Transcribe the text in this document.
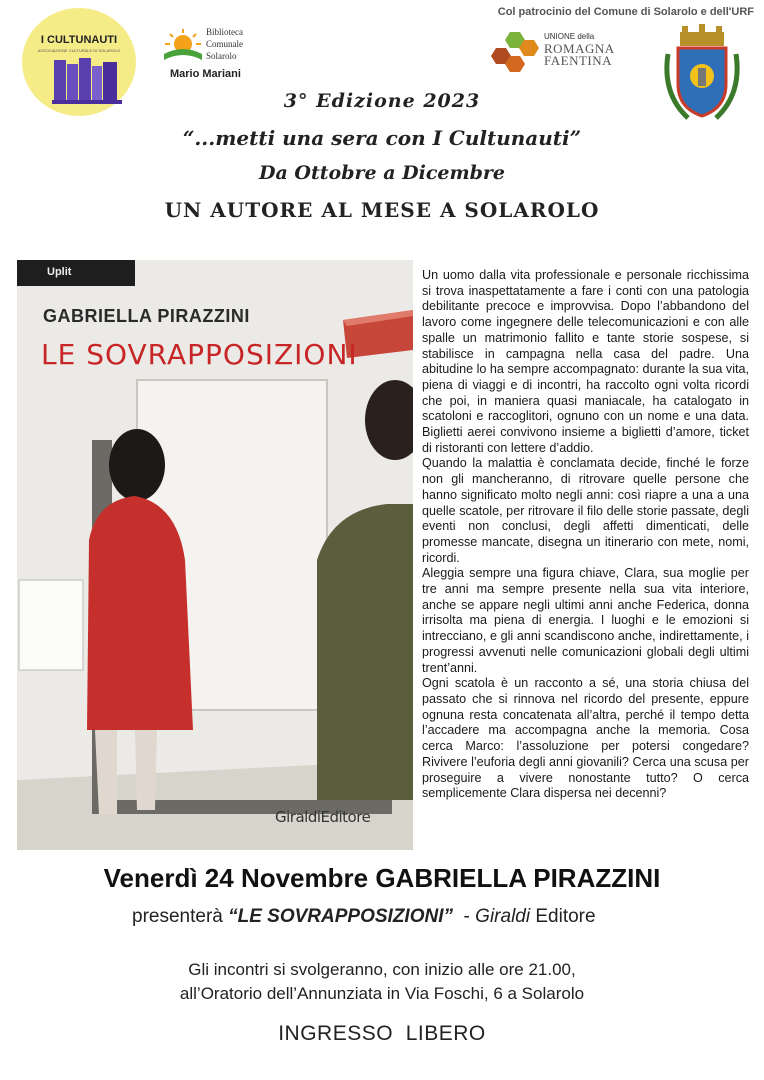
Col patrocinio del Comune di Solarolo e dell'URF
I CULTUNAUTI
ASSOCIAZIONE CULTURALE DI SOLAROLO
Biblioteca
Comunale
Solarolo
Mario Mariani
UNIONE della
ROMAGNA
FAENTINA
3° Edizione 2023
“...metti una sera con I Cultunauti”
Da Ottobre a Dicembre
UN AUTORE AL MESE A SOLAROLO
Uplit
GABRIELLA PIRAZZINI
LE SOVRAPPOSIZIONI
GiraldiEditore

Un uomo dalla vita professionale e personale ricchissima si trova inaspettatamente a fare i conti con una patologia debilitante precoce e improvvisa. Dopo l’abbandono del lavoro come ingegnere delle telecomunicazioni e con alle spalle un matrimonio fallito e tante storie sospese, si stabilisce in campagna nella casa del padre. Una abitudine lo ha sempre accompagnato: durante la sua vita, piena di viaggi e di incontri, ha raccolto ogni volta ricordi che poi, in maniera quasi maniacale, ha catalogato in scatoloni e raccoglitori, ognuno con un nome e una data. Biglietti aerei convivono insieme a biglietti d’amore, ticket di ristoranti con lettere d’addio.

Quando la malattia è conclamata decide, finché le forze non gli mancheranno, di ritrovare quelle persone che hanno significato molto negli anni: così riapre a una a una quelle scatole, per ritrovare il filo delle storie passate, degli eventi non conclusi, degli affetti dimenticati, delle promesse mancate, disegna un itinerario con mete, nomi, ricordi.

Aleggia sempre una figura chiave, Clara, sua moglie per tre anni ma sempre presente nella sua vita interiore, anche se appare negli ultimi anni anche Federica, donna irrisolta ma piena di energia. I luoghi e le emozioni si intrecciano, e gli anni scandiscono anche, indirettamente, i progressi avvenuti nelle comunicazioni globali degli ultimi trent’anni.

Ogni scatola è un racconto a sé, una storia chiusa del passato che si rinnova nel ricordo del presente, eppure ognuna resta concatenata all’altra, perché il tempo detta l’accadere ma accompagna anche la memoria. Cosa cerca Marco: l’assoluzione per potersi congedare? Rivivere l’euforia degli anni giovanili? Cerca una scusa per proseguire a vivere nonostante tutto? O cerca semplicemente Clara dispersa nei decenni?

Venerdì 24 Novembre GABRIELLA PIRAZZINI
presenterà “LE SOVRAPPOSIZIONI”  - Giraldi Editore
Gli incontri si svolgeranno, con inizio alle ore 21.00,
all’Oratorio dell’Annunziata in Via Foschi, 6 a Solarolo
INGRESSO  LIBERO
